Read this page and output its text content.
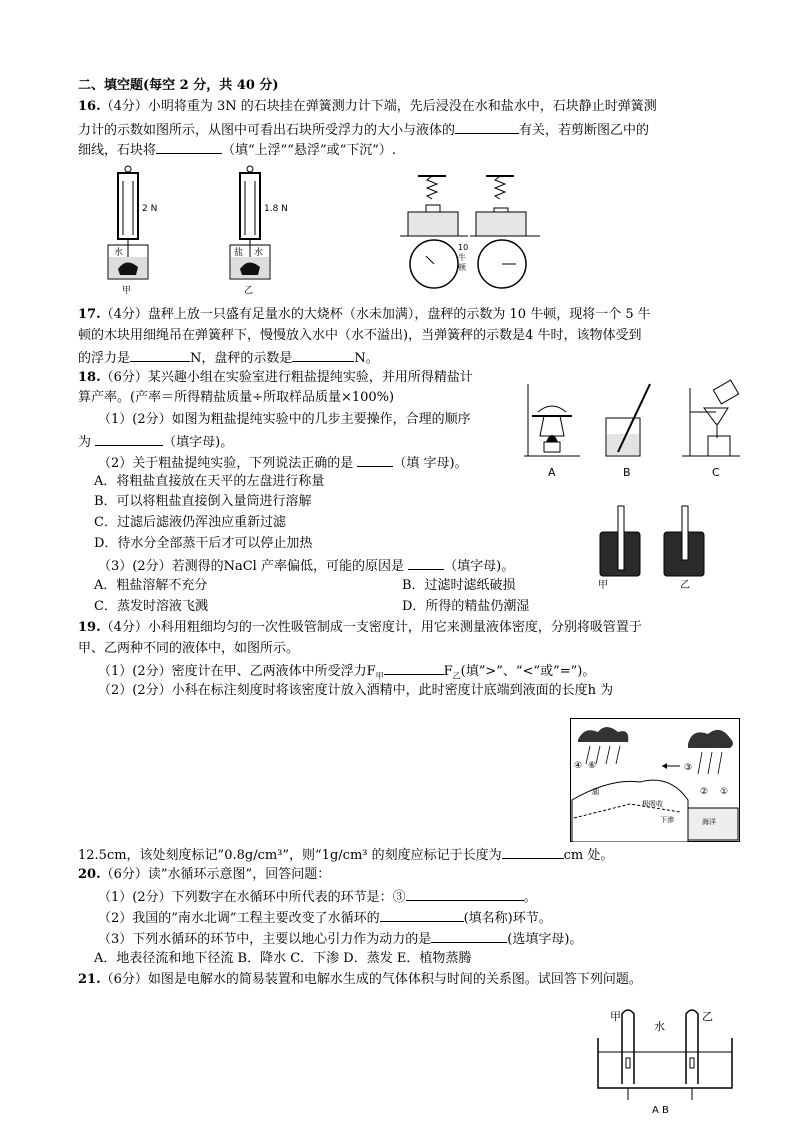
二、填空题(每空 2 分，共 40 分)
16.（4分）小明将重为 3N 的石块挂在弹簧测力计下端，先后浸没在水和盐水中，石块静止时弹簧测
力计的示数如图所示，从图中可看出石块所受浮力的大小与液体的	有关，若剪断图乙中的
细线，石块将	（填“上浮”“悬浮”或“下沉”）.
2 N
水
甲
1.8 N
盐 水
乙
10
牛
顿
17.（4分）盘秤上放一只盛有足量水的大烧杯（水未加满），盘秤的示数为 10 牛顿，现将一个 5 牛
顿的木块用细绳吊在弹簧秤下，慢慢放入水中（水不溢出)，当弹簧秤的示数是4 牛时，该物体受到
的浮力是	N，盘秤的示数是	N。
18.（6分）某兴趣小组在实验室进行粗盐提纯实验，并用所得精盐计
算产率。(产率＝所得精盐质量÷所取样品质量×100%)
（1）(2分）如图为粗盐提纯实验中的几步主要操作，合理的顺序
为	（填字母)。
（2）关于粗盐提纯实验，下列说法正确的是	（填 字母)。
A．将粗盐直接放在天平的左盘进行称量
B．可以将粗盐直接倒入量筒进行溶解
C．过滤后滤液仍浑浊应重新过滤
D．待水分全部蒸干后才可以停止加热
（3）(2分）若测得的NaCl 产率偏低，可能的原因是	（填字母)。
A．粗盐溶解不充分	B．过滤时滤纸破损
C．蒸发时溶液飞溅	D．所得的精盐仍潮湿
A	B	C
甲	乙
19.（4分）小科用粗细均匀的一次性吸管制成一支密度计，用它来测量液体密度，分别将吸管置于
甲、乙两种不同的液体中，如图所示。
（1）(2分）密度计在甲、乙两液体中所受浮力$F_甲$	$F_乙$(填”>”、“<”或”=”)。
（2）(2分）小科在标注刻度时将该密度计放入酒精中，此时密度计底端到液面的长度h 为
③
④ ⑥
①
②
湖
极吸收
下渗	海洋
12.5cm，该处刻度标记”0.8g/cm³”，则“1g/cm³ 的刻度应标记于长度为	cm 处。
20.（6分）读”水循环示意图”，回答问题：
（1）(2分）下列数字在水循环中所代表的环节是：③	。
（2）我国的”南水北调”工程主要改变了水循环的	(填名称)环节。
（3）下列水循环的环节中，主要以地心引力作为动力的是	(选填字母)。
A．地表径流和地下径流 B．降水 C．下渗 D．蒸发 E．植物蒸腾
21.（6分）如图是电解水的简易装置和电解水生成的气体体积与时间的关系图。试回答下列问题。
甲
水
乙
A B
